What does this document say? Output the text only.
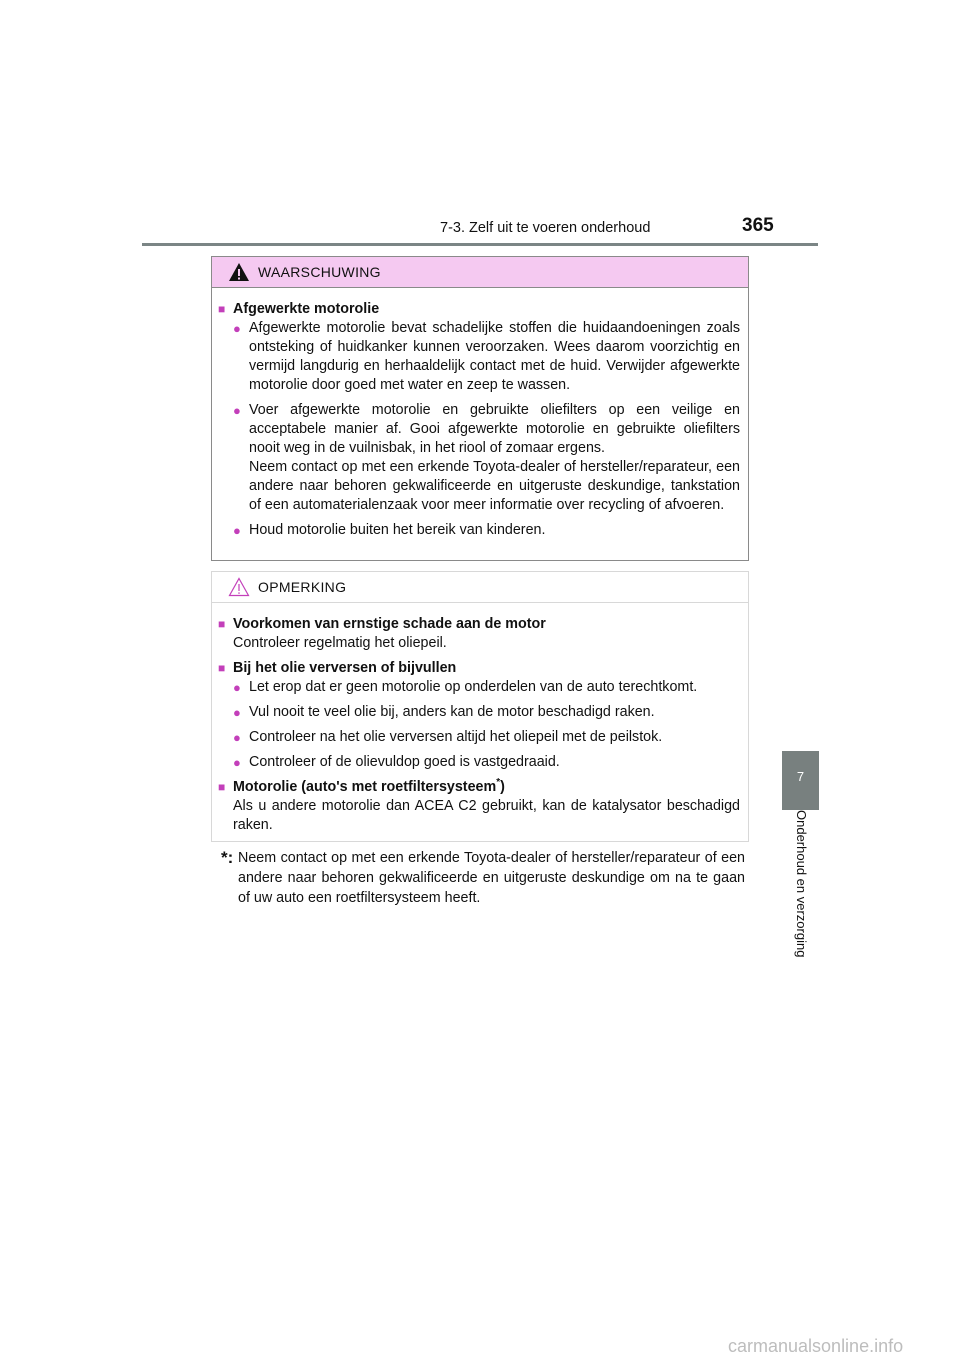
7-3. Zelf uit te voeren onderhoud	365
7
Onderhoud en verzorging
WAARSCHUWING
■ Afgewerkte motorolie
● Afgewerkte motorolie bevat schadelijke stoffen die huidaandoeningen zoals ontsteking of huidkanker kunnen veroorzaken. Wees daarom voorzichtig en vermijd langdurig en herhaaldelijk contact met de huid. Verwijder afgewerkte motorolie door goed met water en zeep te wassen.
● Voer afgewerkte motorolie en gebruikte oliefilters op een veilige en acceptabele manier af. Gooi afgewerkte motorolie en gebruikte oliefilters nooit weg in de vuilnisbak, in het riool of zomaar ergens.
Neem contact op met een erkende Toyota-dealer of hersteller/reparateur, een andere naar behoren gekwalificeerde en uitgeruste deskundige, tankstation of een automaterialenzaak voor meer informatie over recycling of afvoeren.
● Houd motorolie buiten het bereik van kinderen.
OPMERKING
■ Voorkomen van ernstige schade aan de motor
Controleer regelmatig het oliepeil.
■ Bij het olie verversen of bijvullen
● Let erop dat er geen motorolie op onderdelen van de auto terechtkomt.
● Vul nooit te veel olie bij, anders kan de motor beschadigd raken.
● Controleer na het olie verversen altijd het oliepeil met de peilstok.
● Controleer of de olievuldop goed is vastgedraaid.
■ Motorolie (auto's met roetfiltersysteem*)
Als u andere motorolie dan ACEA C2 gebruikt, kan de katalysator beschadigd raken.
*: Neem contact op met een erkende Toyota-dealer of hersteller/reparateur of een andere naar behoren gekwalificeerde en uitgeruste deskundige om na te gaan of uw auto een roetfiltersysteem heeft.
carmanualsonline.info
